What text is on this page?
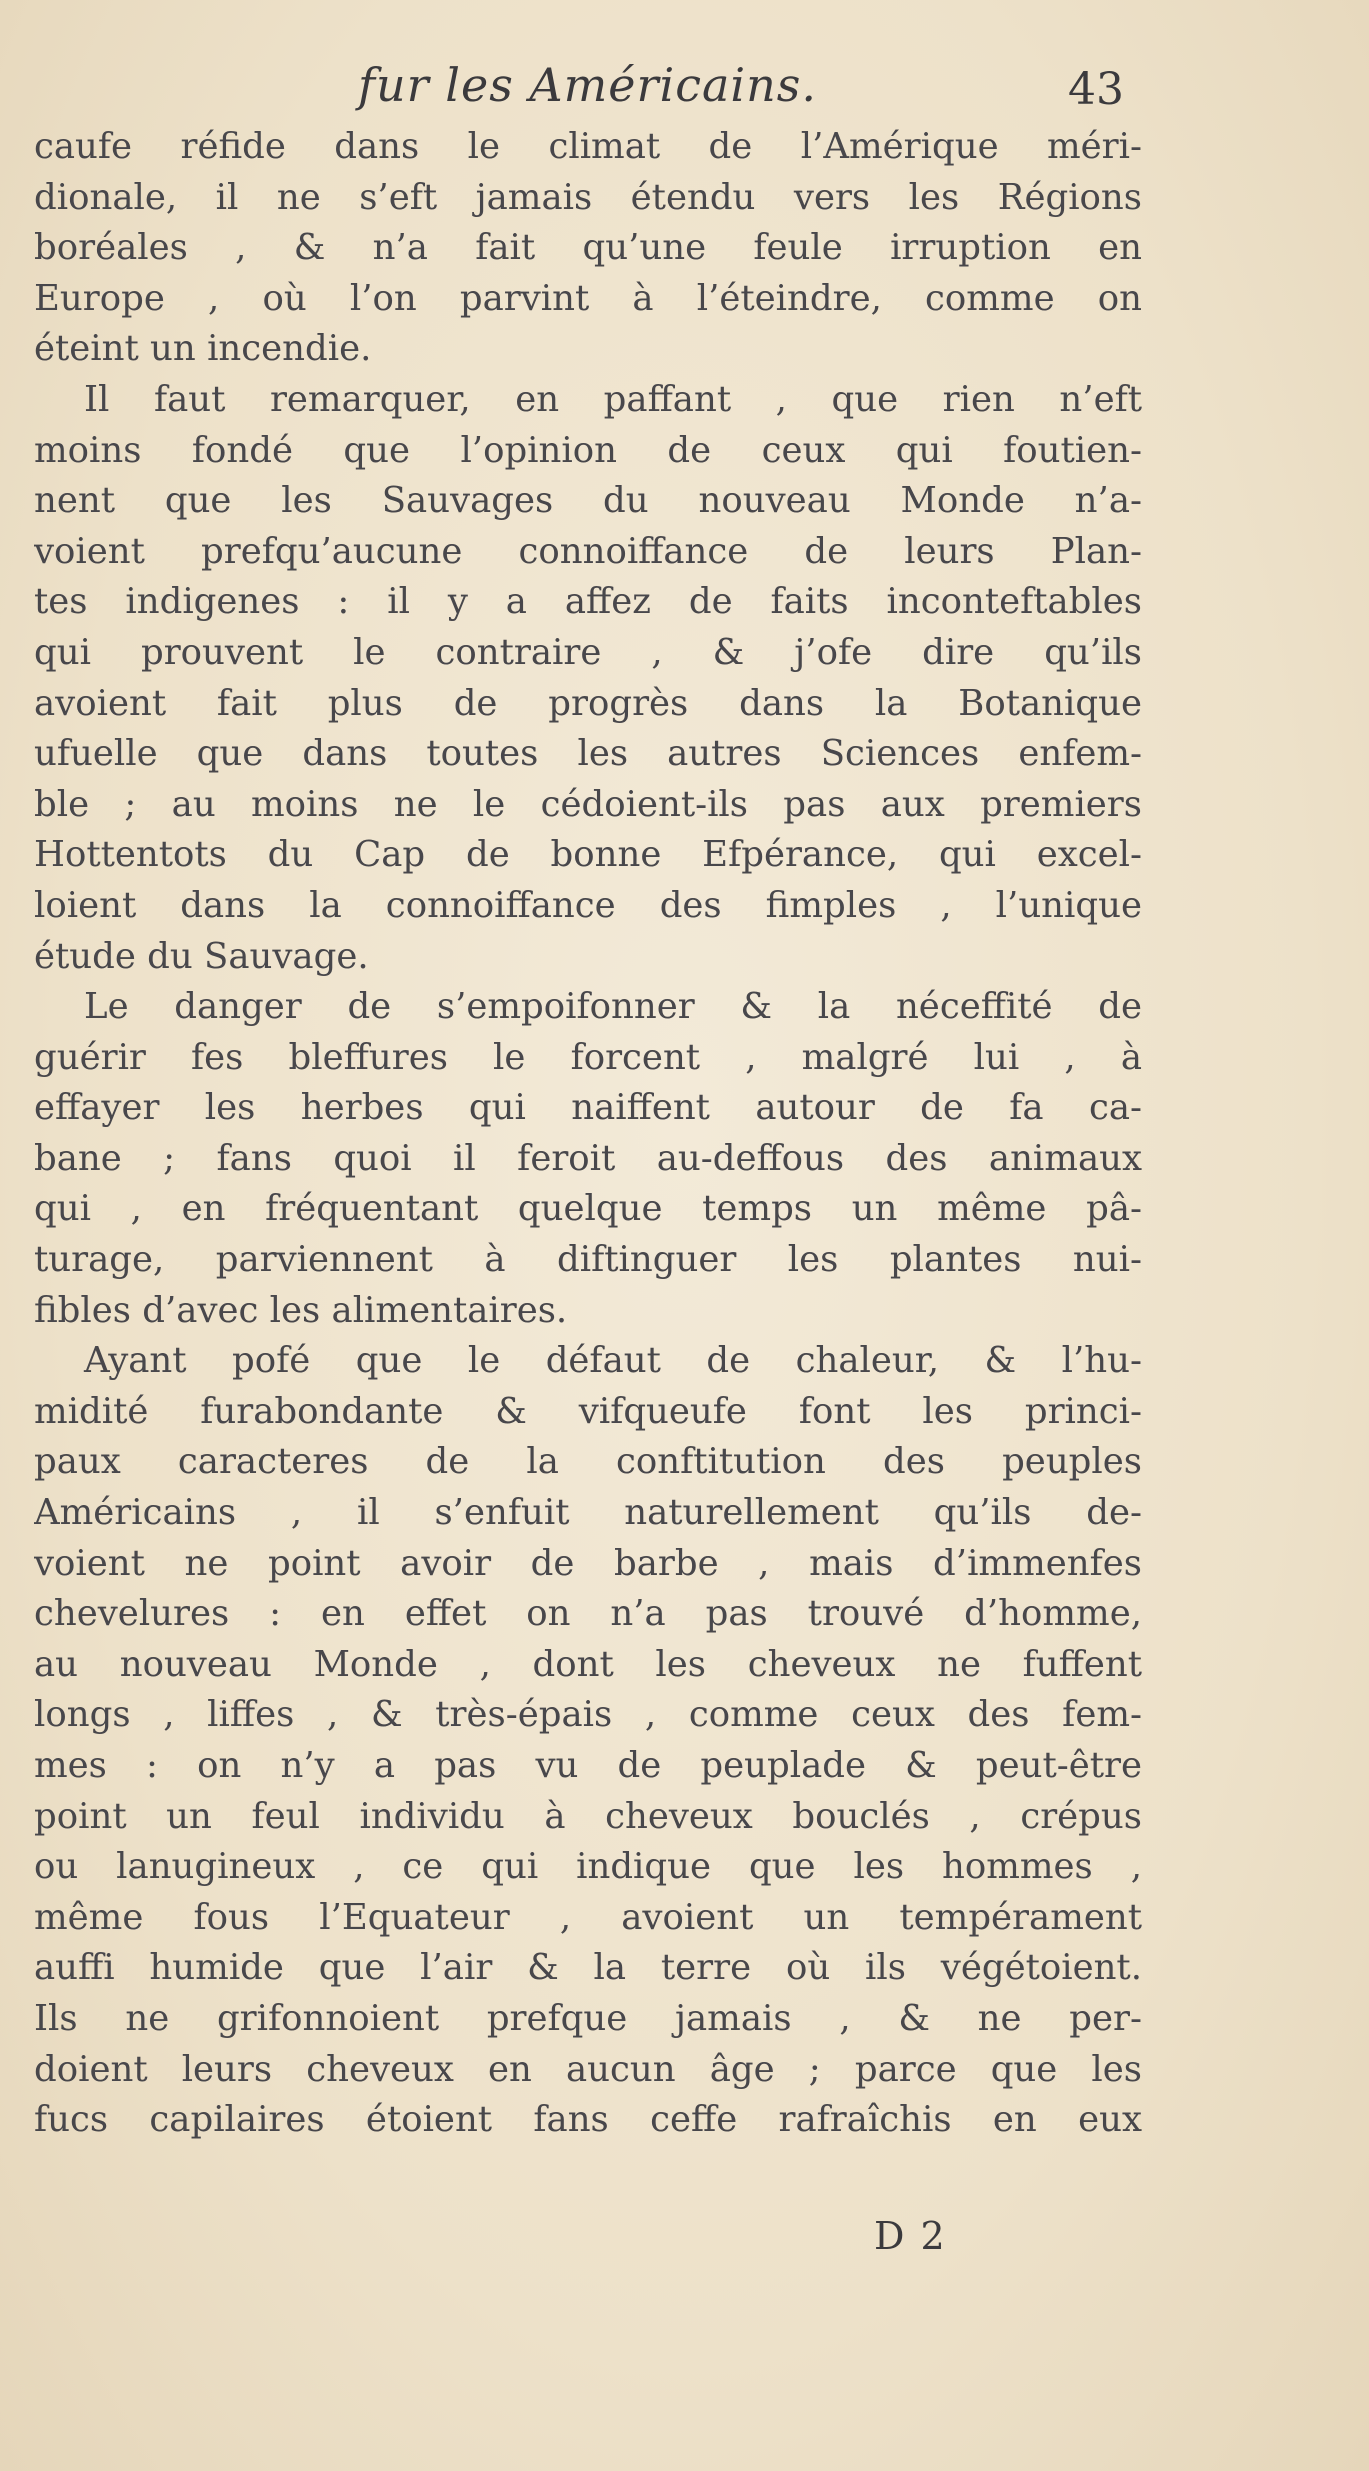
fur les Américains.	43
caufe réfide dans le climat de l’Amérique méri-
dionale, il ne s’eft jamais étendu vers les Régions
boréales , & n’a fait qu’une feule irruption en
Europe , où l’on parvint à l’éteindre, comme on
éteint un incendie.
Il faut remarquer, en paffant , que rien n’eft
moins fondé que l’opinion de ceux qui foutien-
nent que les Sauvages du nouveau Monde n’a-
voient prefqu’aucune connoiffance de leurs Plan-
tes indigenes : il y a affez de faits inconteftables
qui prouvent le contraire , & j’ofe dire qu’ils
avoient fait plus de progrès dans la Botanique
ufuelle que dans toutes les autres Sciences enfem-
ble ; au moins ne le cédoient-ils pas aux premiers
Hottentots du Cap de bonne Efpérance, qui excel-
loient dans la connoiffance des fimples , l’unique
étude du Sauvage.
Le danger de s’empoifonner & la néceffité de
guérir fes bleffures le forcent , malgré lui , à
effayer les herbes qui naiffent autour de fa ca-
bane ; fans quoi il feroit au-deffous des animaux
qui , en fréquentant quelque temps un même pâ-
turage, parviennent à diftinguer les plantes nui-
fibles d’avec les alimentaires.
Ayant pofé que le défaut de chaleur, & l’hu-
midité furabondante & vifqueufe font les princi-
paux caracteres de la conftitution des peuples
Américains , il s’enfuit naturellement qu’ils de-
voient ne point avoir de barbe , mais d’immenfes
chevelures : en effet on n’a pas trouvé d’homme,
au nouveau Monde , dont les cheveux ne fuffent
longs , liffes , & très-épais , comme ceux des fem-
mes : on n’y a pas vu de peuplade & peut-être
point un feul individu à cheveux bouclés , crépus
ou lanugineux , ce qui indique que les hommes ,
même fous l’Equateur , avoient un tempérament
auffi humide que l’air & la terre où ils végétoient.
Ils ne grifonnoient prefque jamais , & ne per-
doient leurs cheveux en aucun âge ; parce que les
fucs capilaires étoient fans ceffe rafraîchis en eux
D 2
